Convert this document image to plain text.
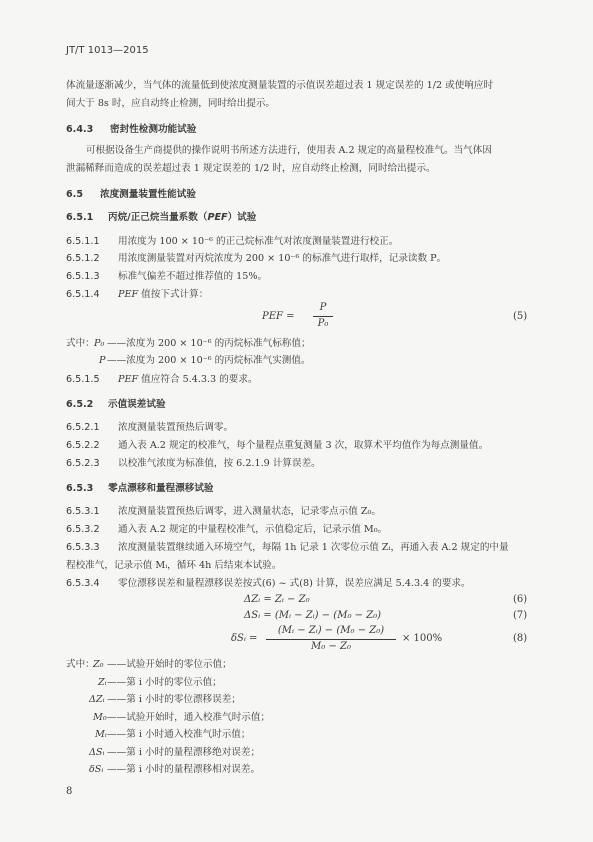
JT/T 1013—2015
体流量逐渐减少，当气体的流量低到使浓度测量装置的示值误差超过表 1 规定误差的 1/2 或使响应时
间大于 8s 时，应自动终止检测，同时给出提示。
6.4.3 密封性检测功能试验
可根据设备生产商提供的操作说明书所述方法进行，使用表 A.2 规定的高量程校准气。当气体因
泄漏稀释而造成的误差超过表 1 规定误差的 1/2 时，应自动终止检测，同时给出提示。
6.5 浓度测量装置性能试验
6.5.1 丙烷/正己烷当量系数（PEF）试验
6.5.1.1 用浓度为 100 × 10⁻⁶ 的正己烷标准气对浓度测量装置进行校正。
6.5.1.2 用浓度测量装置对丙烷浓度为 200 × 10⁻⁶ 的标准气进行取样，记录读数 P。
6.5.1.3 标准气偏差不超过推荐值的 15%。
6.5.1.4 PEF 值按下式计算：
PEF =
P
P₀
(5)
式中： P₀ ——浓度为 200 × 10⁻⁶ 的丙烷标准气标称值；
P ——浓度为 200 × 10⁻⁶ 的丙烷标准气实测值。
6.5.1.5 PEF 值应符合 5.4.3.3 的要求。
6.5.2 示值误差试验
6.5.2.1 浓度测量装置预热后调零。
6.5.2.2 通入表 A.2 规定的校准气，每个量程点重复测量 3 次，取算术平均值作为每点测量值。
6.5.2.3 以校准气浓度为标准值，按 6.2.1.9 计算误差。
6.5.3 零点漂移和量程漂移试验
6.5.3.1 浓度测量装置预热后调零，进入测量状态，记录零点示值 Z₀。
6.5.3.2 通入表 A.2 规定的中量程校准气，示值稳定后，记录示值 M₀。
6.5.3.3 浓度测量装置继续通入环境空气，每隔 1h 记录 1 次零位示值 Zᵢ，再通入表 A.2 规定的中量
程校准气，记录示值 Mᵢ，循环 4h 后结束本试验。
6.5.3.4 零位漂移误差和量程漂移误差按式(6) ~ 式(8) 计算，误差应满足 5.4.3.4 的要求。
ΔZᵢ = Zᵢ − Z₀	(6)
ΔSᵢ = (Mᵢ − Zᵢ) − (M₀ − Z₀)	(7)
δSᵢ =
(Mᵢ − Zᵢ) − (M₀ − Z₀)
M₀ − Z₀
× 100%	(8)
式中：
Z₀ ——试验开始时的零位示值；
Zᵢ ——第 i 小时的零位示值；
ΔZᵢ ——第 i 小时的零位漂移误差；
M₀ ——试验开始时，通入校准气时示值；
Mᵢ ——第 i 小时通入校准气时示值；
ΔSᵢ ——第 i 小时的量程漂移绝对误差；
δSᵢ ——第 i 小时的量程漂移相对误差。
8
